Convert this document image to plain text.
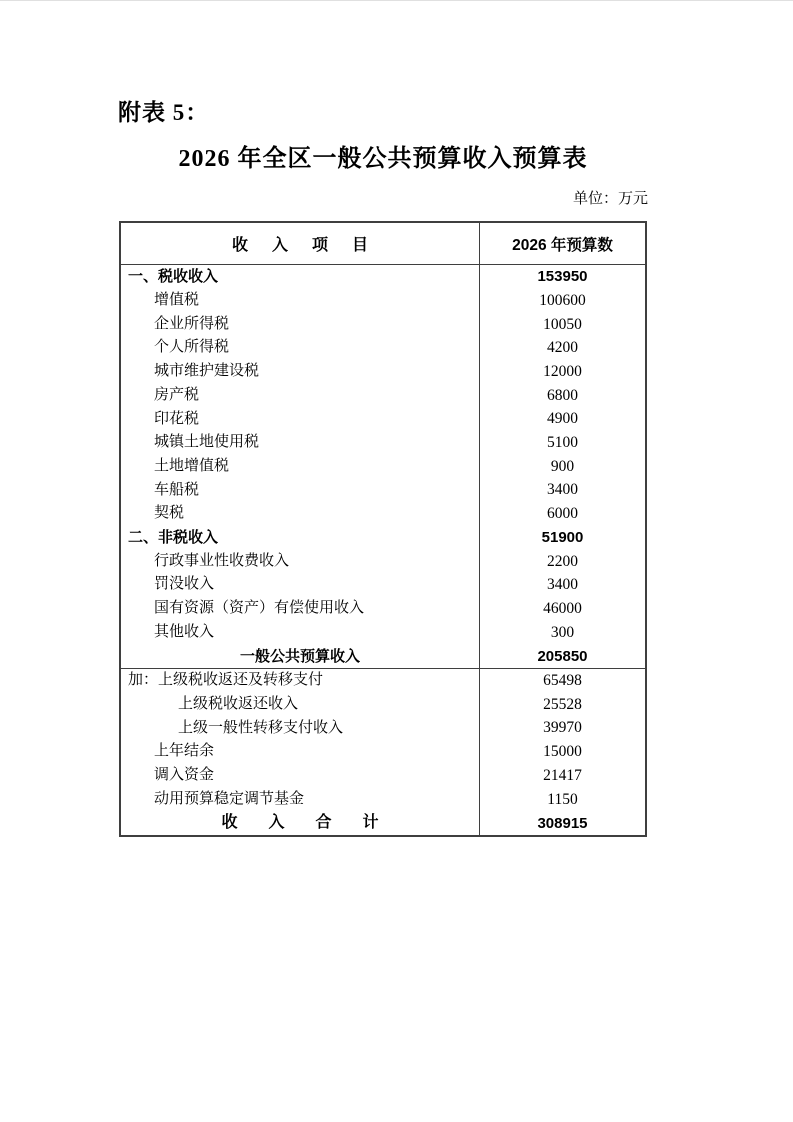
附表 5：
2026 年全区一般公共预算收入预算表
单位：万元
收入项目	2026 年预算数
一、税收收入	153950
增值税	100600
企业所得税	10050
个人所得税	4200
城市维护建设税	12000
房产税	6800
印花税	4900
城镇土地使用税	5100
土地增值税	900
车船税	3400
契税	6000
二、非税收入	51900
行政事业性收费收入	2200
罚没收入	3400
国有资源（资产）有偿使用收入	46000
其他收入	300
一般公共预算收入	205850
加：上级税收返还及转移支付	65498
上级税收返还收入	25528
上级一般性转移支付收入	39970
上年结余	15000
调入资金	21417
动用预算稳定调节基金	1150
收入合计	308915
